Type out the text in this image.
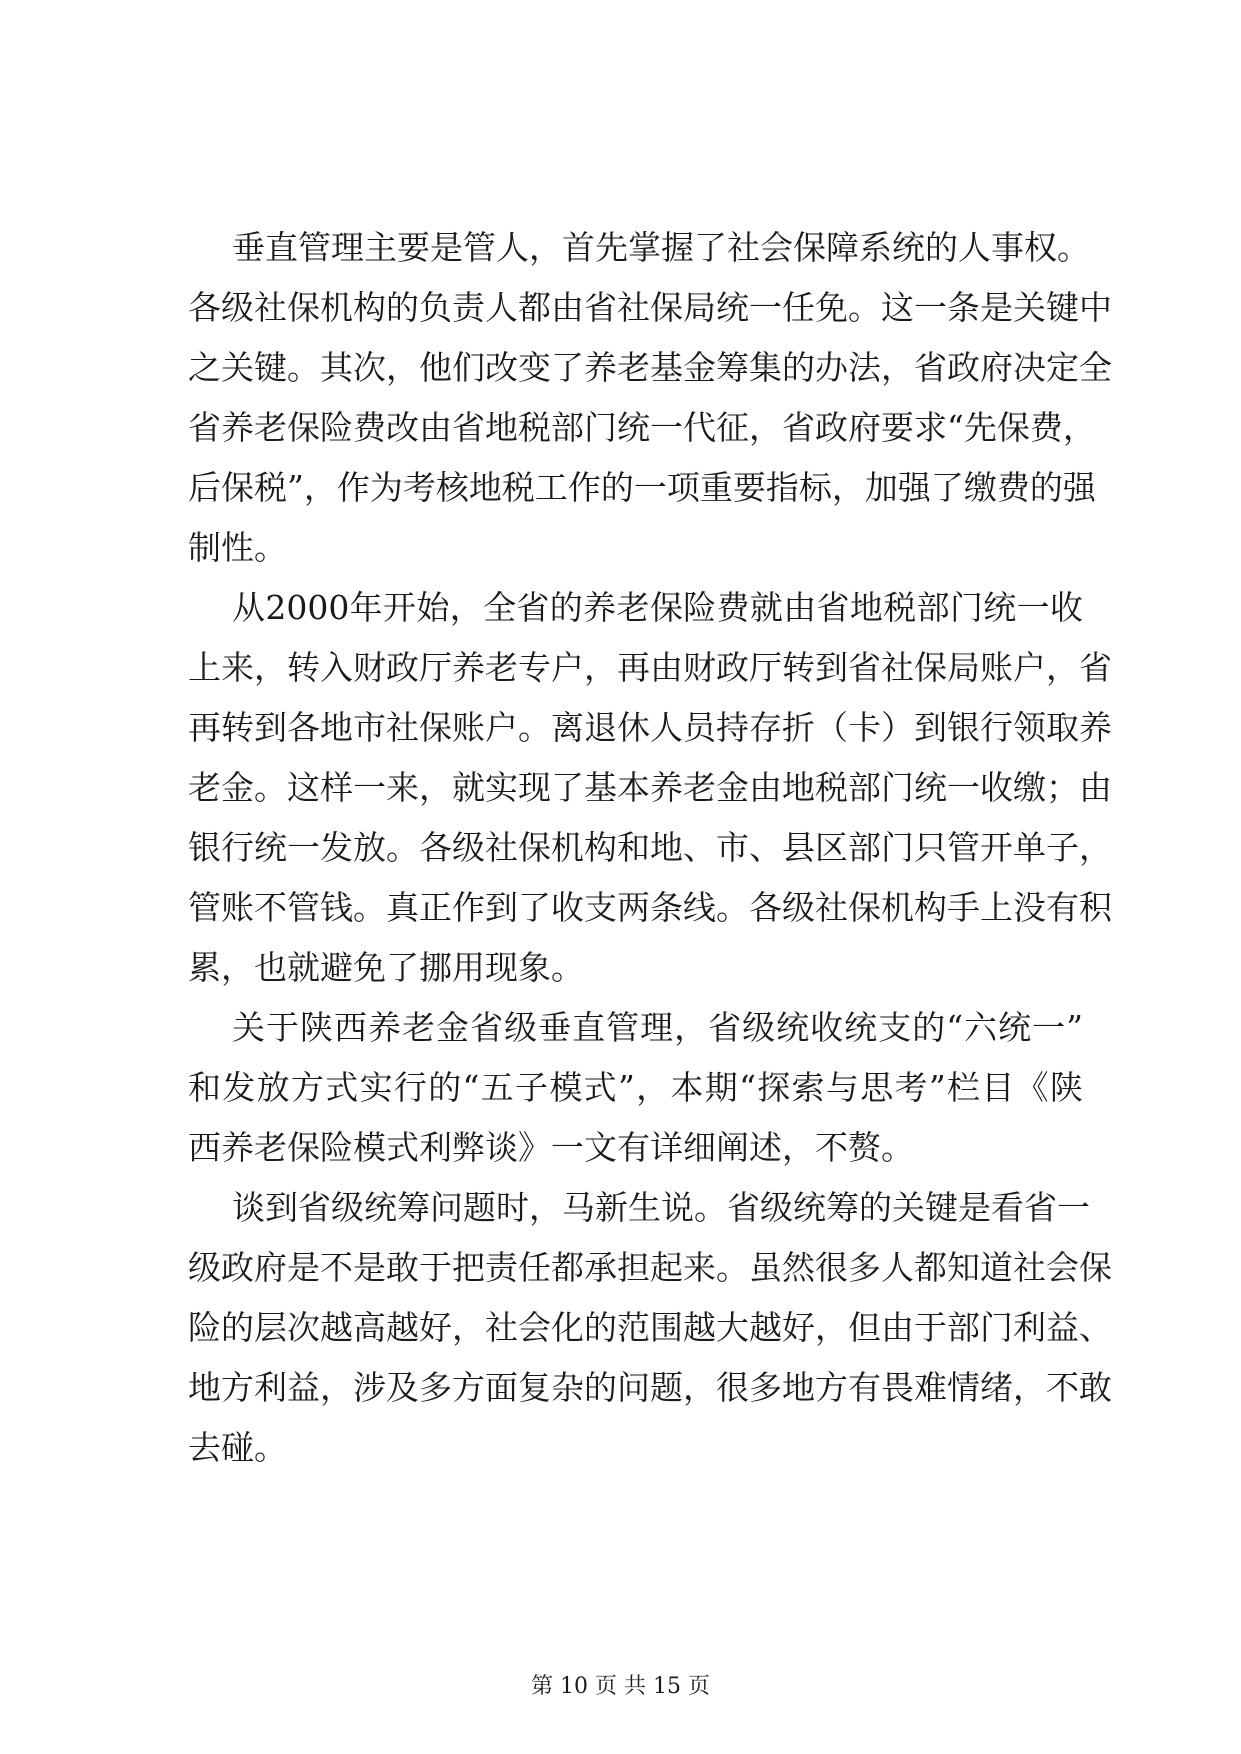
垂直管理主要是管人，首先掌握了社会保障系统的人事权。
各级社保机构的负责人都由省社保局统一任免。这一条是关键中
之关键。其次，他们改变了养老基金筹集的办法，省政府决定全
省养老保险费改由省地税部门统一代征，省政府要求“先保费，
后保税”，作为考核地税工作的一项重要指标，加强了缴费的强
制性。
从2000年开始，全省的养老保险费就由省地税部门统一收
上来，转入财政厅养老专户，再由财政厅转到省社保局账户，省
再转到各地市社保账户。离退休人员持存折（卡）到银行领取养
老金。这样一来，就实现了基本养老金由地税部门统一收缴；由
银行统一发放。各级社保机构和地、市、县区部门只管开单子，
管账不管钱。真正作到了收支两条线。各级社保机构手上没有积
累，也就避免了挪用现象。
关于陕西养老金省级垂直管理，省级统收统支的“六统一”
和发放方式实行的“五子模式”，本期“探索与思考”栏目《陕
西养老保险模式利弊谈》一文有详细阐述，不赘。
谈到省级统筹问题时，马新生说。省级统筹的关键是看省一
级政府是不是敢于把责任都承担起来。虽然很多人都知道社会保
险的层次越高越好，社会化的范围越大越好，但由于部门利益、
地方利益，涉及多方面复杂的问题，很多地方有畏难情绪，不敢
去碰。
第 10 页 共 15 页
